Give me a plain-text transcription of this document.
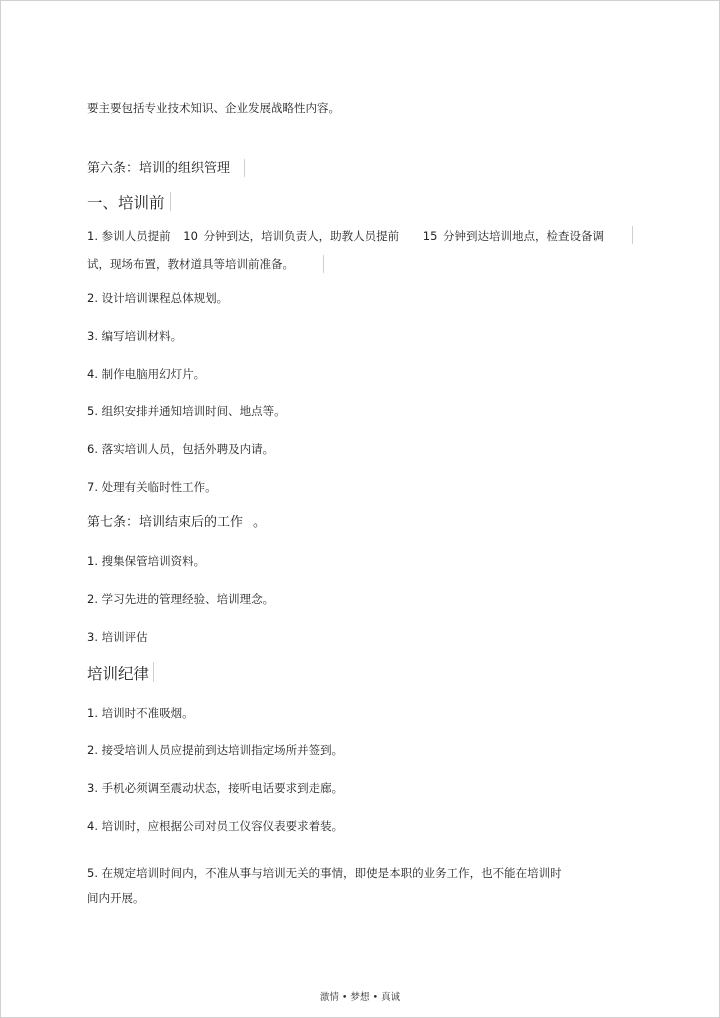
要主要包括专业技术知识、企业发展战略性内容。
第六条：培训的组织管理
一、培训前
1. 参训人员提前 10 分钟到达，培训负责人，助教人员提前 15 分钟到达培训地点，检查设备调
试，现场布置，教材道具等培训前准备。
2. 设计培训课程总体规划。
3. 编写培训材料。
4. 制作电脑用幻灯片。
5. 组织安排并通知培训时间、地点等。
6. 落实培训人员，包括外聘及内请。
7. 处理有关临时性工作。
第七条：培训结束后的工作 。
1. 搜集保管培训资料。
2. 学习先进的管理经验、培训理念。
3. 培训评估
培训纪律
1. 培训时不准吸烟。
2. 接受培训人员应提前到达培训指定场所并签到。
3. 手机必须调至震动状态，接听电话要求到走廊。
4. 培训时，应根据公司对员工仪容仪表要求着装。
5. 在规定培训时间内，不准从事与培训无关的事情，即使是本职的业务工作，也不能在培训时
间内开展。
激情 • 梦想 • 真诚
